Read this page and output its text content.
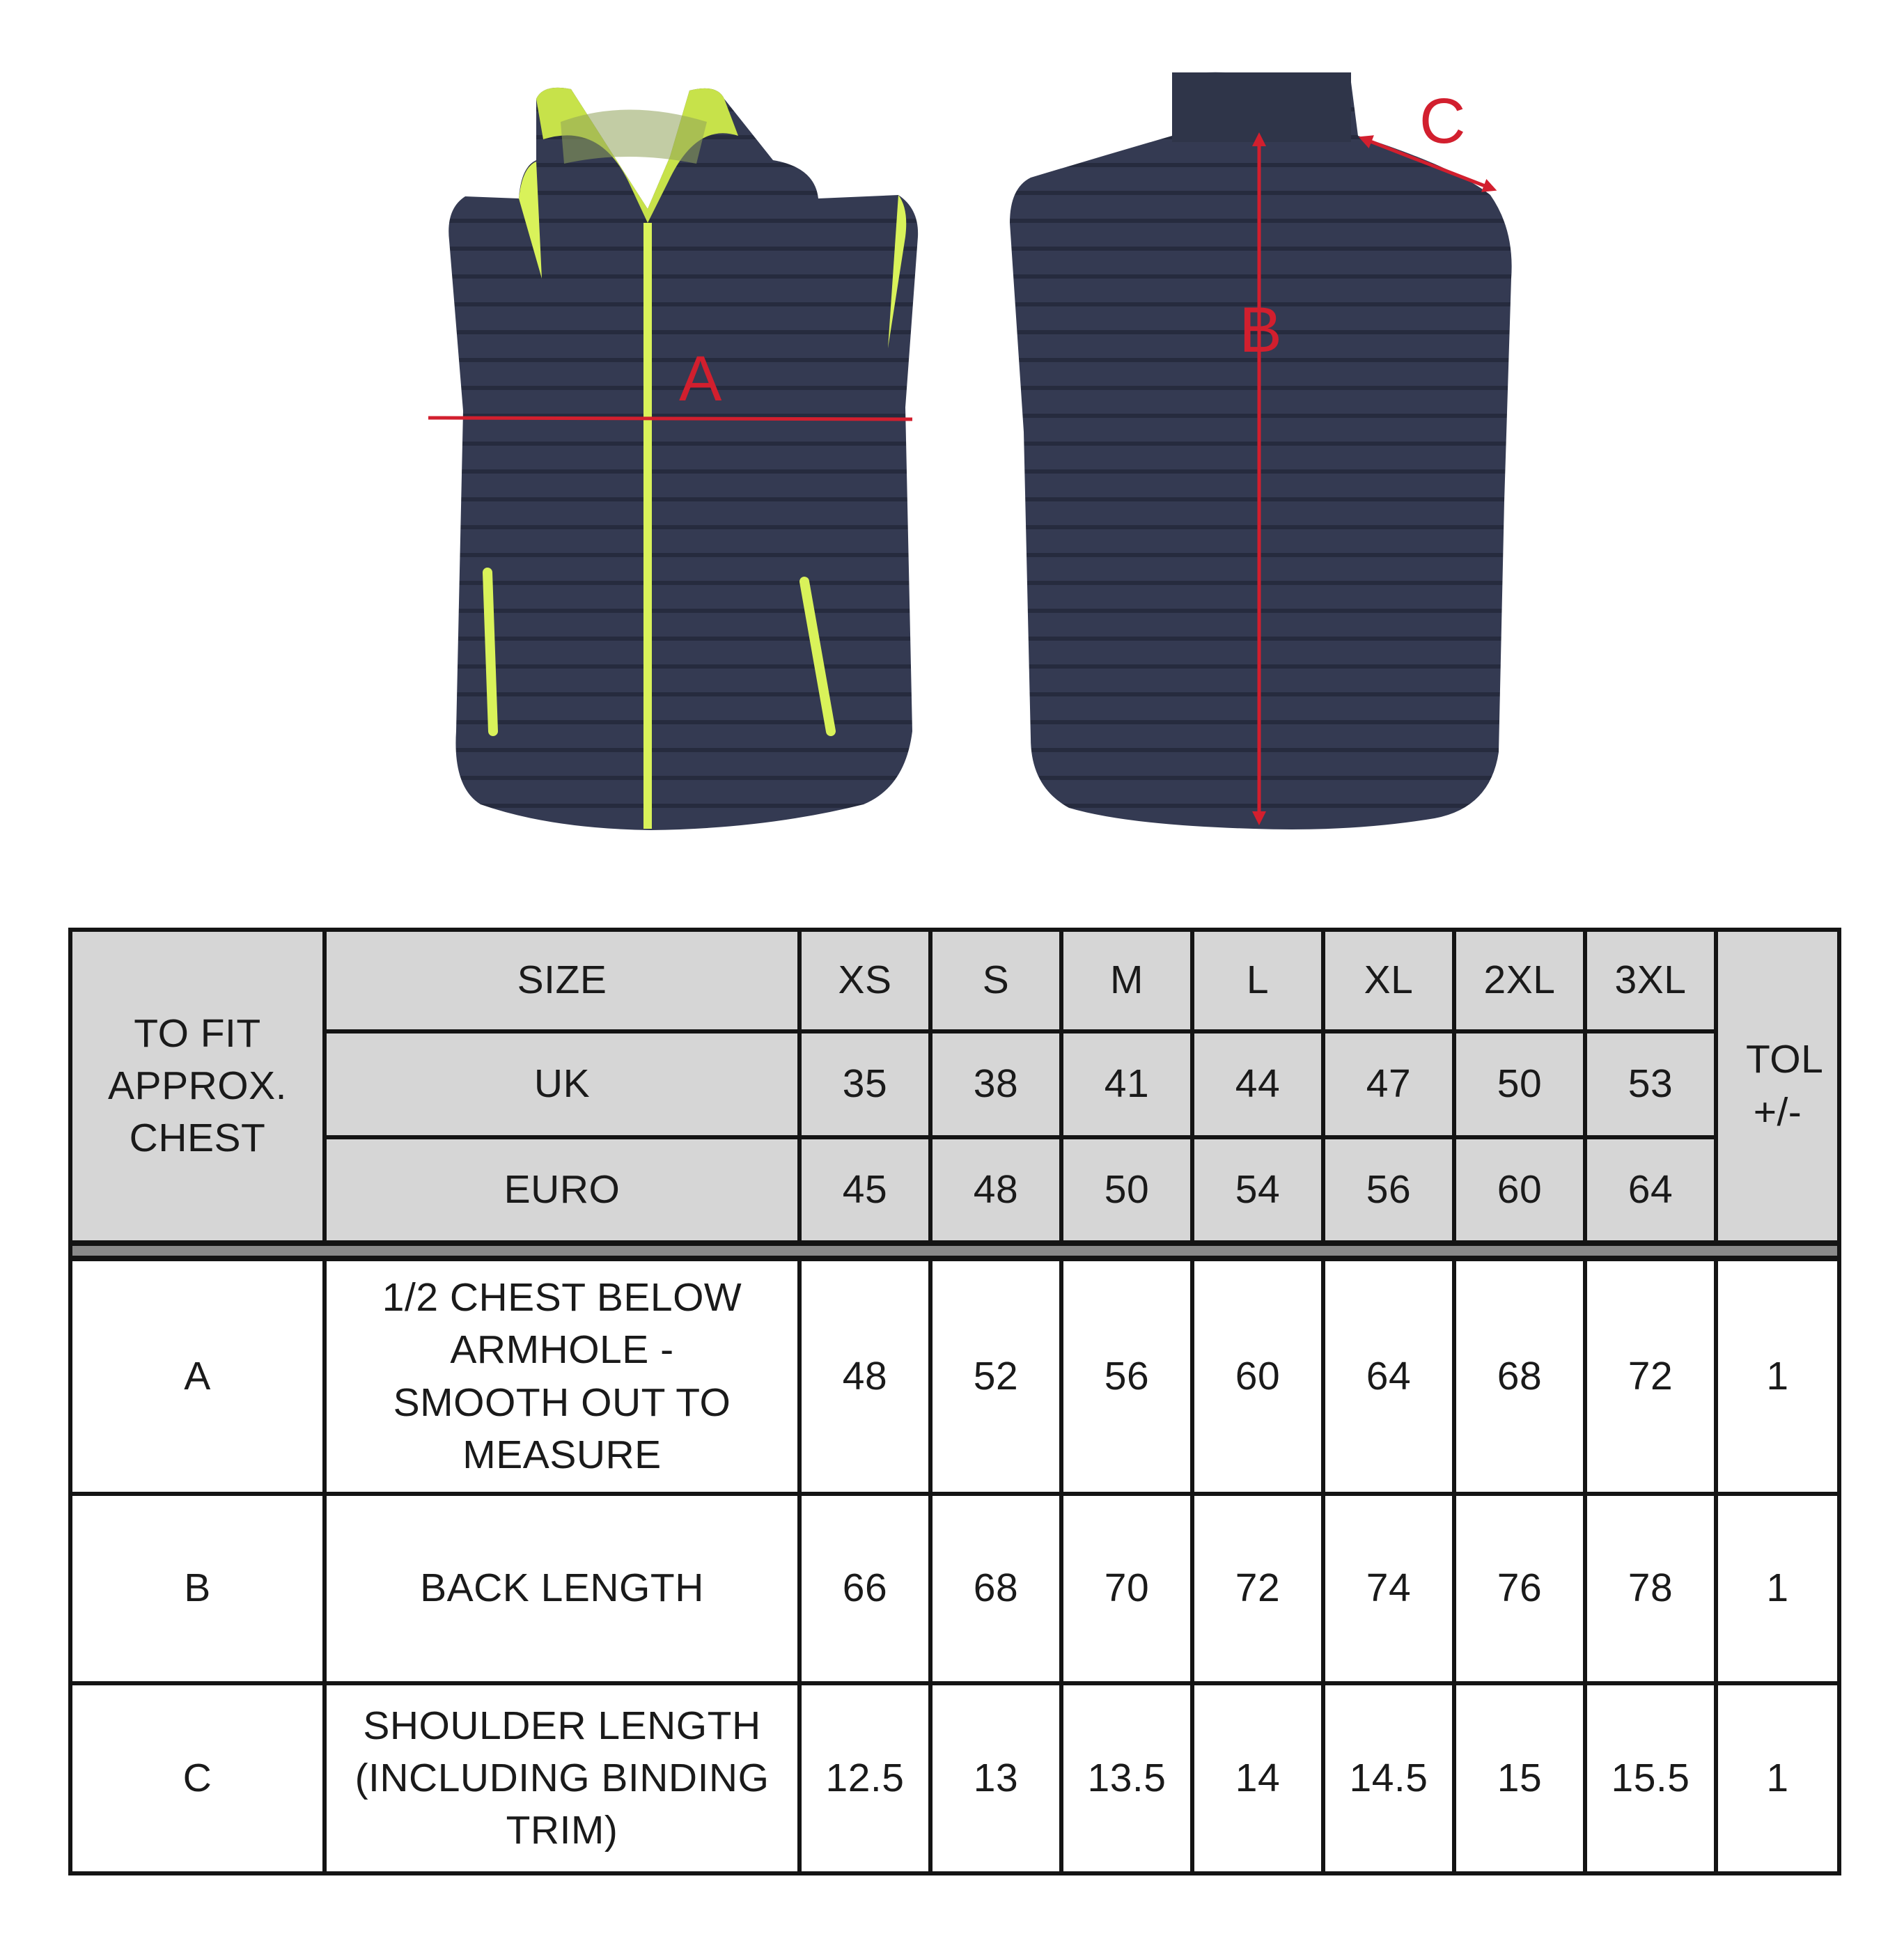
A
B
C
TO FIT APPROX. CHEST	SIZE	XS	S	M	L	XL	2XL	3XL	TOL +/-
	UK	35	38	41	44	47	50	53	
	EURO	45	48	50	54	56	60	64	

A	1/2 CHEST BELOW ARMHOLE - SMOOTH OUT TO MEASURE	48	52	56	60	64	68	72	1
B	BACK LENGTH	66	68	70	72	74	76	78	1
C	SHOULDER LENGTH (INCLUDING BINDING TRIM)	12.5	13	13.5	14	14.5	15	15.5	1
